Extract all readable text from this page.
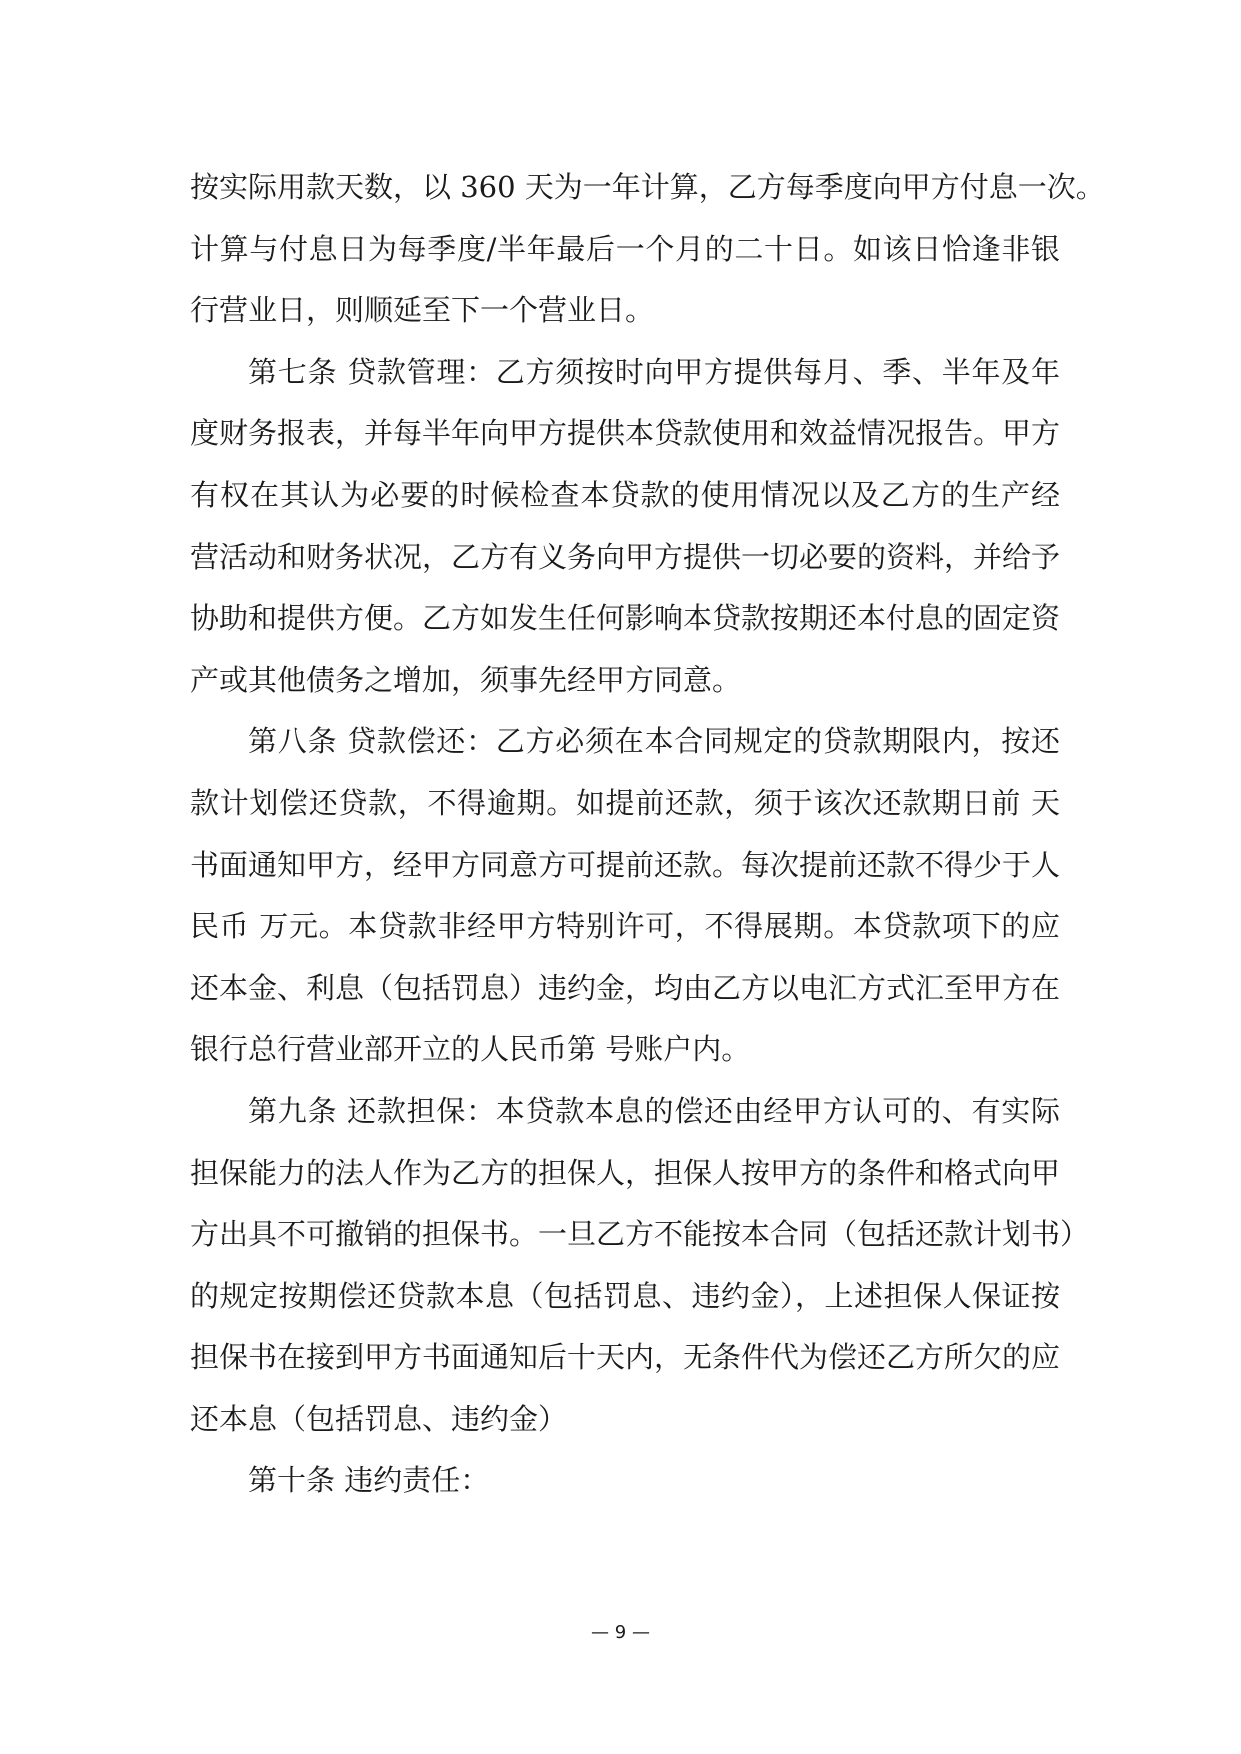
按实际用款天数，以 360 天为一年计算，乙方每季度向甲方付息一次。
计算与付息日为每季度/半年最后一个月的二十日。如该日恰逢非银
行营业日，则顺延至下一个营业日。
第七条 贷款管理：乙方须按时向甲方提供每月、季、半年及年
度财务报表，并每半年向甲方提供本贷款使用和效益情况报告。甲方
有权在其认为必要的时候检查本贷款的使用情况以及乙方的生产经
营活动和财务状况，乙方有义务向甲方提供一切必要的资料，并给予
协助和提供方便。乙方如发生任何影响本贷款按期还本付息的固定资
产或其他债务之增加，须事先经甲方同意。
第八条 贷款偿还：乙方必须在本合同规定的贷款期限内，按还
款计划偿还贷款，不得逾期。如提前还款，须于该次还款期日前 天
书面通知甲方，经甲方同意方可提前还款。每次提前还款不得少于人
民币 万元。本贷款非经甲方特别许可，不得展期。本贷款项下的应
还本金、利息（包括罚息）违约金，均由乙方以电汇方式汇至甲方在
银行总行营业部开立的人民币第 号账户内。
第九条 还款担保：本贷款本息的偿还由经甲方认可的、有实际
担保能力的法人作为乙方的担保人，担保人按甲方的条件和格式向甲
方出具不可撤销的担保书。一旦乙方不能按本合同（包括还款计划书）
的规定按期偿还贷款本息（包括罚息、违约金），上述担保人保证按
担保书在接到甲方书面通知后十天内，无条件代为偿还乙方所欠的应
还本息（包括罚息、违约金）
第十条 违约责任：
— 9 —
